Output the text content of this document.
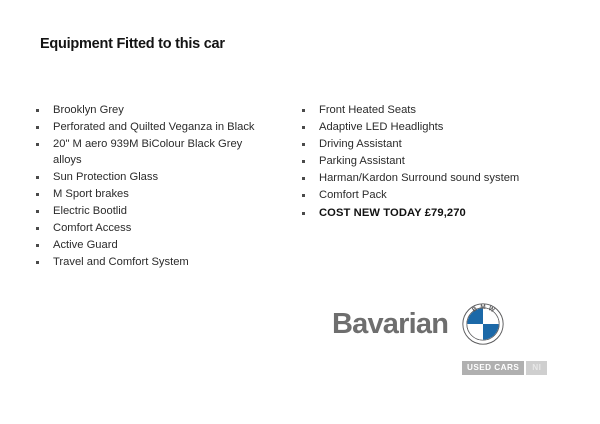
Equipment Fitted to this car
Brooklyn Grey
Perforated and Quilted Veganza in Black
20" M aero 939M BiColour Black Grey alloys
Sun Protection Glass
M Sport brakes
Electric Bootlid
Comfort Access
Active Guard
Travel and Comfort System
Front Heated Seats
Adaptive LED Headlights
Driving Assistant
Parking Assistant
Harman/Kardon Surround sound system
Comfort Pack
COST NEW TODAY £79,270
Bavarian B M W
USED CARS	NI
